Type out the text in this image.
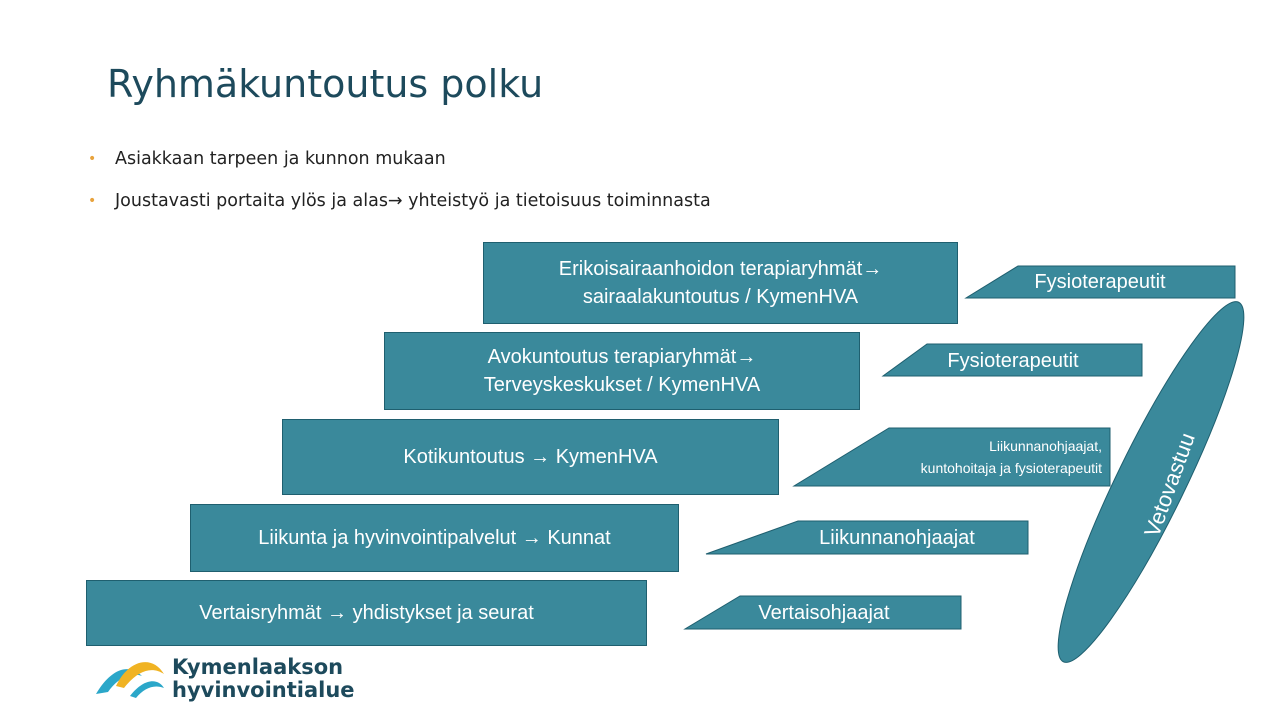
Ryhmäkuntoutus polku
• Asiakkaan tarpeen ja kunnon mukaan
• Joustavasti portaita ylös ja alas→ yhteistyö ja tietoisuus toiminnasta
Erikoisairaanhoidon terapiaryhmät→
sairaalakuntoutus / KymenHVA
Avokuntoutus terapiaryhmät→
Terveyskeskukset / KymenHVA
Kotikuntoutus → KymenHVA
Liikunta ja hyvinvointipalvelut → Kunnat
Vertaisryhmät → yhdistykset ja seurat
Fysioterapeutit
Fysioterapeutit
Liikunnanohjaajat,
kuntohoitaja ja fysioterapeutit
Liikunnanohjaajat
Vertaisohjaajat
Vetovastuu
Kymenlaakson
hyvinvointialue
